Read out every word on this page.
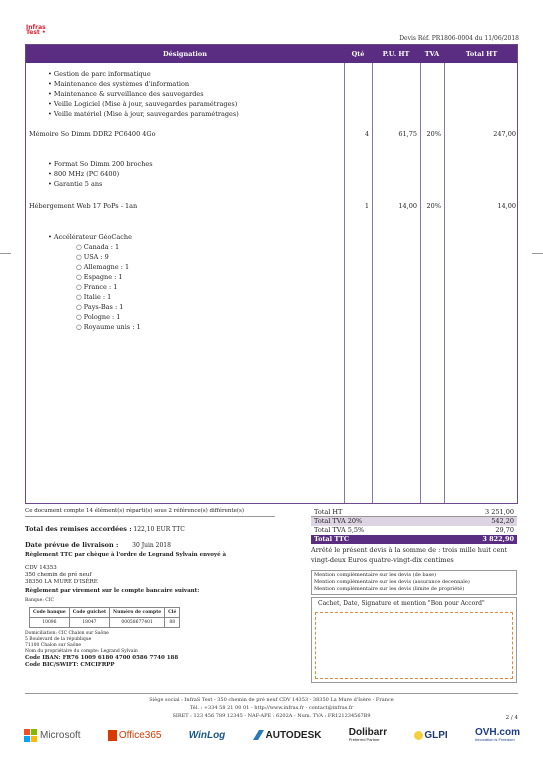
Infras
Test •
Devis Réf. PR1806-0004 du 11/06/2018
Désignation	Qté	P.U. HT	TVA	Total HT
• Gestion de parc informatique
• Maintenance des systèmes d'information
• Maintenance & surveillance des sauvegardes
• Veille Logiciel (Mise à jour, sauvegardes paramétrages)
• Veille matériel (Mise à jour, sauvegardes paramétrages)
Mémoire So Dimm DDR2 PC6400 4Go	4	61,75	20%	247,00
• Format So Dimm 200 broches
• 800 MHz (PC 6400)
• Garantie 5 ans
Hébergement Web 17 PoPs - 1an	1	14,00	20%	14,00
• Accélérateur GéoCache
○ Canada : 1
○ USA : 9
○ Allemagne : 1
○ Espagne : 1
○ France : 1
○ Italie : 1
○ Pays-Bas : 1
○ Pologne : 1
○ Royaume unis : 1
Ce document compte 14 élément(s) réparti(s) sous 2 référence(s) différente(s)
Total des remises accordées : 122,10 EUR TTC
Date prévue de livraison : 30 Juin 2018
Règlement TTC par chèque à l'ordre de Legrand Sylvain envoyé à
CDV 14353
350 chemin de pré neuf
38350 LA MURE D'ISÈRE
Règlement par virement sur le compte bancaire suivant:
Banque: CIC
Code banque	Code guichet	Numéro de compte	Clé
10096	18047	00058677401	88
Domiciliation: CIC Chalon sur Saône
5 Boulevard de la république
71100 Chalon sur Saône
Nom du propriétaire du compte: Legrand Sylvain
Code IBAN: FR76 1009 6180 4700 0586 7740 188
Code BIC/SWIFT: CMCIFRPP
Total HT	3 251,00
Total TVA 20%	542,20
Total TVA 5,5%	29,70
Total TTC	3 822,90
Arrêté le présent devis à la somme de : trois mille huit cent vingt-deux Euros quatre-vingt-dix centimes
Mention complémentaire sur les devis (de base)
Mention complémentaire sur les devis (assurance decennale)
Mention complémentaire sur les devis (limite de propriété)
Cachet, Date, Signature et mention "Bon pour Accord"
Siège social : InfraS Test - 350 chemin de pré neuf CDV 14353 - 38350 La Mure d'Isère - France
Tél. : +334 58 21 00 01 - http://www.infras.fr - contact@infras.fr
SIRET : 123 456 789 12345 - NAF-APE : 6202A - Num. TVA : FR121234567B9	2 / 4
Microsoft	Office365	WinLog	AUTODESK	Dolibarr
Preferred Partner	GLPI	OVH.com
Innovation is Freedom
